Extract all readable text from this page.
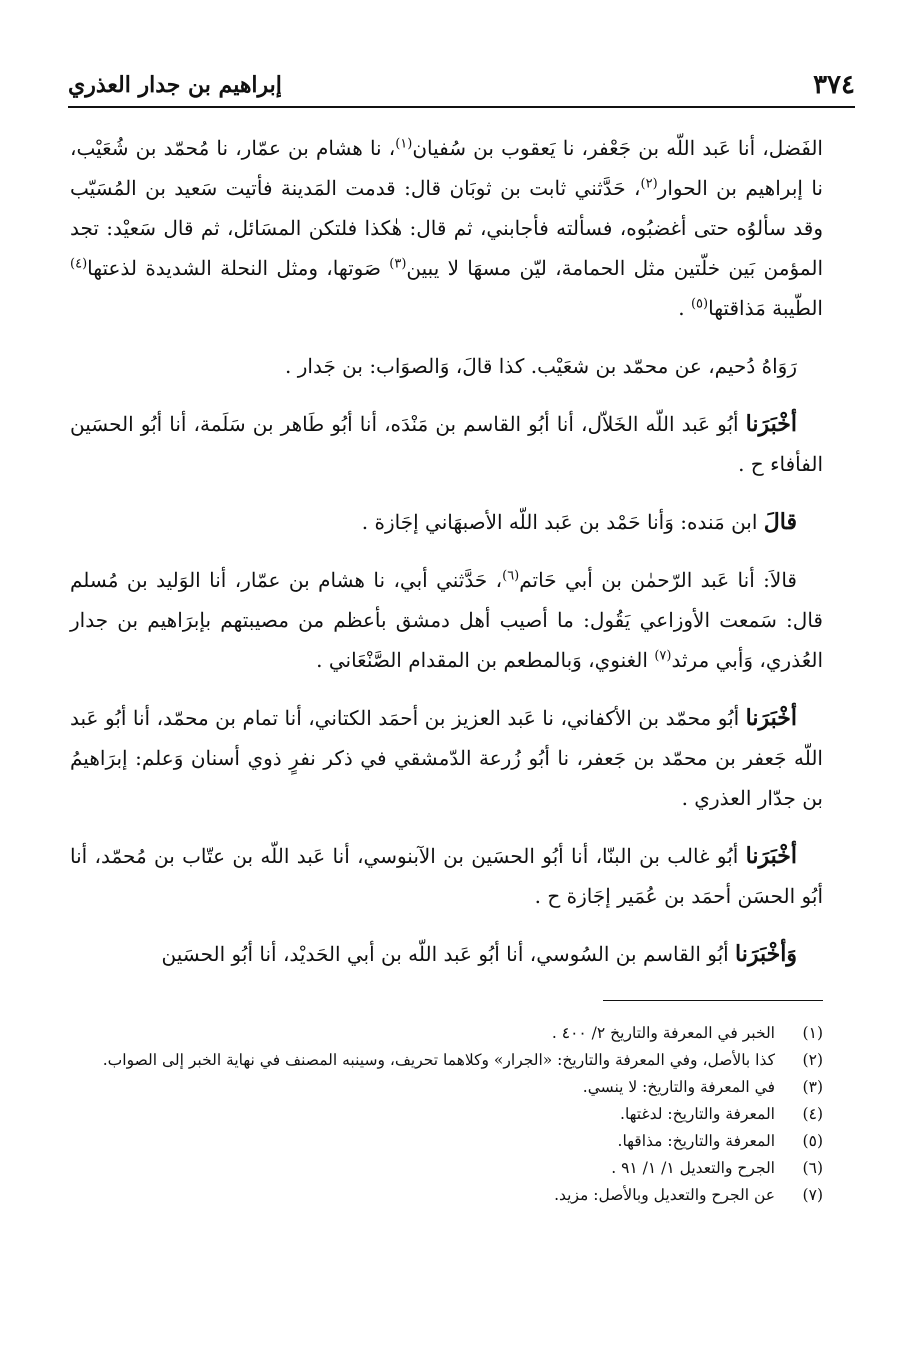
٣٧٤
إبراهيم بن جدار العذري

الفَضل، أنا عَبد اللّه بن جَعْفر، نا يَعقوب بن سُفيان$^{(١)}$، نا هشام بن عمّار، نا مُحمّد بن شُعَيْب، نا إبراهيم بن الحوار$^{(٢)}$، حَدَّثني ثابت بن ثوبَان قال: قدمت المَدينة فأتيت سَعيد بن المُسَيّب وقد سألوُه حتى أغضبُوه، فسألته فأجابني، ثم قال: هٰكذا فلتكن المسَائل، ثم قال سَعيْد: تجد المؤمن بَين خلّتين مثل الحمامة، ليّن مسهَا لا يبين$^{(٣)}$ صَوتها، ومثل النحلة الشديدة لذعتها$^{(٤)}$ الطّيبة مَذاقتها$^{(٥)}$ .

رَوَاهُ دُحيم، عن محمّد بن شعَيْب. كذا قالَ، وَالصوَاب: بن جَدار .

أخْبَرَنا أبُو عَبد اللّه الخَلاّل، أنا أبُو القاسم بن مَنْدَه، أنا أبُو طَاهر بن سَلَمة، أنا أبُو الحسَين الفأفاء ح .

قالَ ابن مَنده: وَأنا حَمْد بن عَبد اللّه الأصبهَاني إجَازة .

قالاَ: أنا عَبد الرّحمٰن بن أبي حَاتم$^{(٦)}$، حَدَّثني أبي، نا هشام بن عمّار، أنا الوَليد بن مُسلم قال: سَمعت الأوزاعي يَقُول: ما أصيب أهل دمشق بأعظم من مصيبتهم بإبرَاهيم بن جدار العُذري، وَأبي مرثد$^{(٧)}$ الغنوي، وَبالمطعم بن المقدام الصَّنْعَاني .

أخْبَرَنا أبُو محمّد بن الأكفاني، نا عَبد العزيز بن أحمَد الكتاني، أنا تمام بن محمّد، أنا أبُو عَبد اللّه جَعفر بن محمّد بن جَعفر، نا أبُو زُرعة الدّمشقي في ذكر نفرٍ ذوي أسنان وَعلم: إبرَاهيمُ بن جدّار العذري .

أخْبَرَنا أبُو غالب بن البنّا، أنا أبُو الحسَين بن الآبنوسي، أنا عَبد اللّه بن عتّاب بن مُحمّد، أنا أبُو الحسَن أحمَد بن عُمَير إجَازة ح .

وَأخْبَرَنا أبُو القاسم بن السُوسي، أنا أبُو عَبد اللّه بن أبي الحَديْد، أنا أبُو الحسَين

(١)
الخبر في المعرفة والتاريخ ٢/ ٤٠٠ .
(٢)
كذا بالأصل، وفي المعرفة والتاريخ: «الجرار» وكلاهما تحريف، وسينبه المصنف في نهاية الخبر إلى الصواب.
(٣)
في المعرفة والتاريخ: لا ينسي.
(٤)
المعرفة والتاريخ: لدغتها.
(٥)
المعرفة والتاريخ: مذاقها.
(٦)
الجرح والتعديل ١/ ١/ ٩١ .
(٧)
عن الجرح والتعديل وبالأصل: مزيد.
